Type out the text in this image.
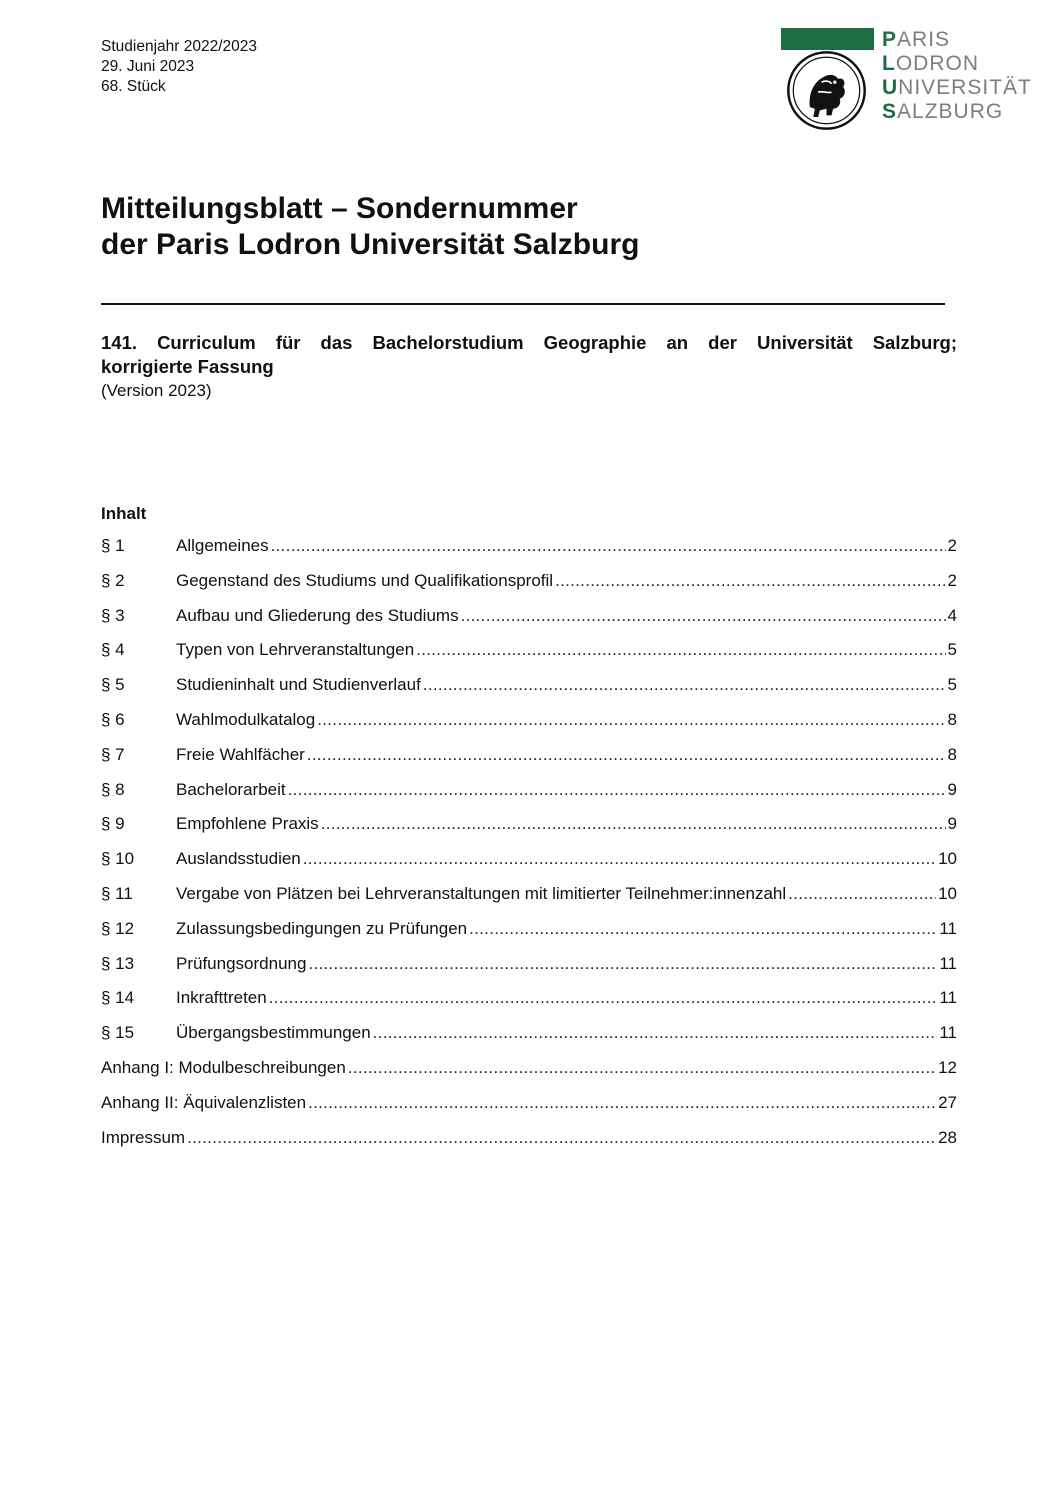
Studienjahr 2022/2023
29. Juni 2023
68. Stück
PARIS
LODRON
UNIVERSITÄT
SALZBURG
Mitteilungsblatt – Sondernummer
der Paris Lodron Universität Salzburg
141. Curriculum für das Bachelorstudium Geographie an der Universität Salzburg;
korrigierte Fassung
(Version 2023)
Inhalt
§ 1	Allgemeines .....	2
§ 2	Gegenstand des Studiums und Qualifikationsprofil .....	2
§ 3	Aufbau und Gliederung des Studiums .....	4
§ 4	Typen von Lehrveranstaltungen .....	5
§ 5	Studieninhalt und Studienverlauf .....	5
§ 6	Wahlmodulkatalog .....	8
§ 7	Freie Wahlfächer .....	8
§ 8	Bachelorarbeit .....	9
§ 9	Empfohlene Praxis .....	9
§ 10	Auslandsstudien .....	10
§ 11	Vergabe von Plätzen bei Lehrveranstaltungen mit limitierter Teilnehmer:innenzahl .....	10
§ 12	Zulassungsbedingungen zu Prüfungen .....	11
§ 13	Prüfungsordnung .....	11
§ 14	Inkrafttreten .....	11
§ 15	Übergangsbestimmungen .....	11
Anhang I: Modulbeschreibungen .....	12
Anhang II: Äquivalenzlisten .....	27
Impressum .....	28
